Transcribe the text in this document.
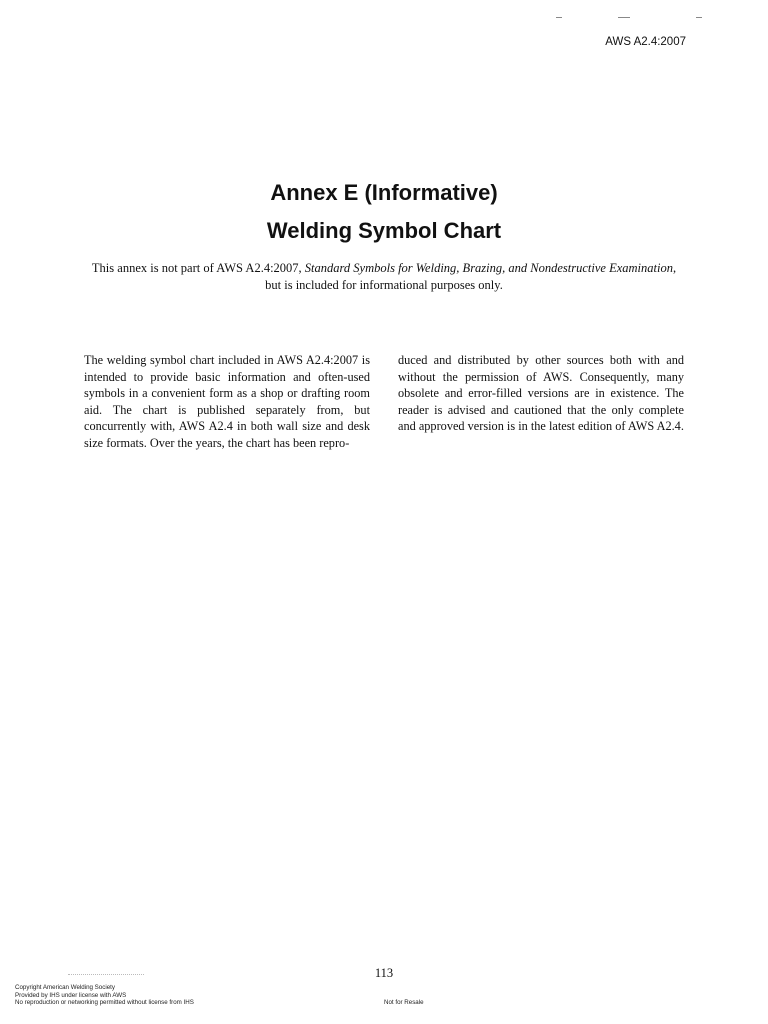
AWS A2.4:2007
Annex E (Informative)
Welding Symbol Chart
This annex is not part of AWS A2.4:2007, Standard Symbols for Welding, Brazing, and Nondestructive Examination, but is included for informational purposes only.
The welding symbol chart included in AWS A2.4:2007 is intended to provide basic information and often-used symbols in a convenient form as a shop or drafting room aid. The chart is published separately from, but concurrently with, AWS A2.4 in both wall size and desk size formats. Over the years, the chart has been repro-
duced and distributed by other sources both with and without the permission of AWS. Consequently, many obsolete and error-filled versions are in existence. The reader is advised and cautioned that the only complete and approved version is in the latest edition of AWS A2.4.
113
Copyright American Welding Society
Provided by IHS under license with AWS
No reproduction or networking permitted without license from IHS	Not for Resale
